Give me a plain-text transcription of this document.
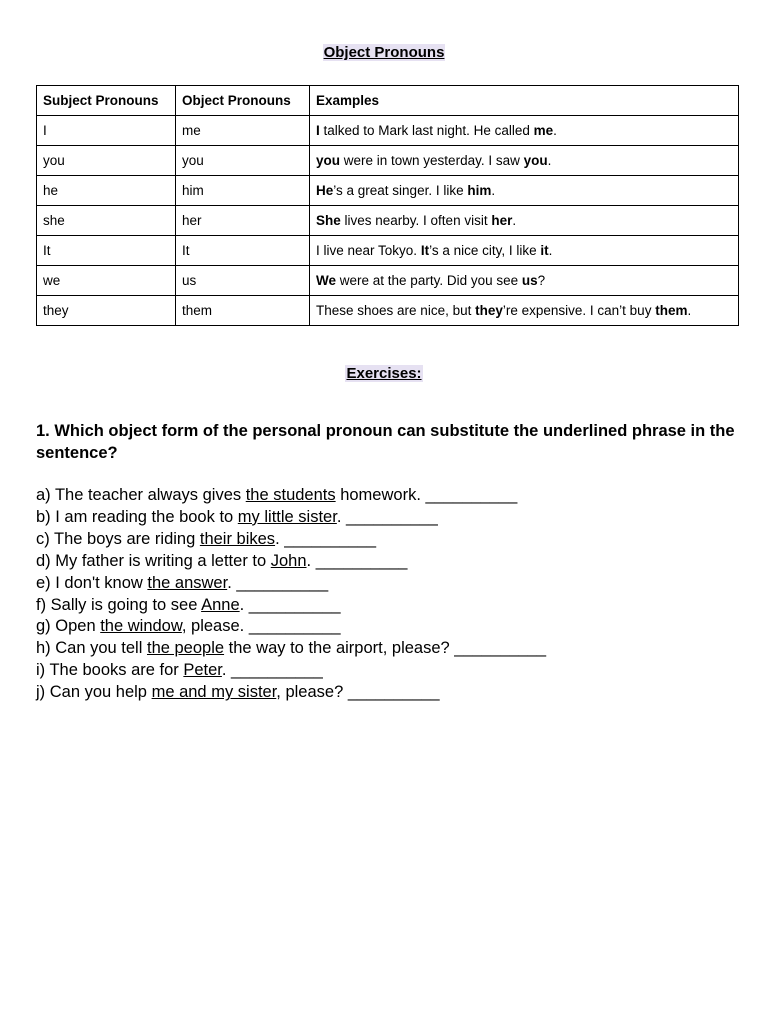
Object Pronouns
Subject Pronouns	Object Pronouns	Examples
I	me	I talked to Mark last night. He called me.
you	you	you were in town yesterday. I saw you.
he	him	He’s a great singer. I like him.
she	her	She lives nearby. I often visit her.
It	It	I live near Tokyo. It’s a nice city, I like it.
we	us	We were at the party. Did you see us?
they	them	These shoes are nice, but they’re expensive. I can’t buy them.
Exercises:
1. Which object form of the personal pronoun can substitute the underlined phrase in the sentence?
a) The teacher always gives the students homework. __________
b) I am reading the book to my little sister. __________
c) The boys are riding their bikes. __________
d) My father is writing a letter to John. __________
e) I don't know the answer. __________
f) Sally is going to see Anne. __________
g) Open the window, please. __________
h) Can you tell the people the way to the airport, please? __________
i) The books are for Peter. __________
j) Can you help me and my sister, please? __________
